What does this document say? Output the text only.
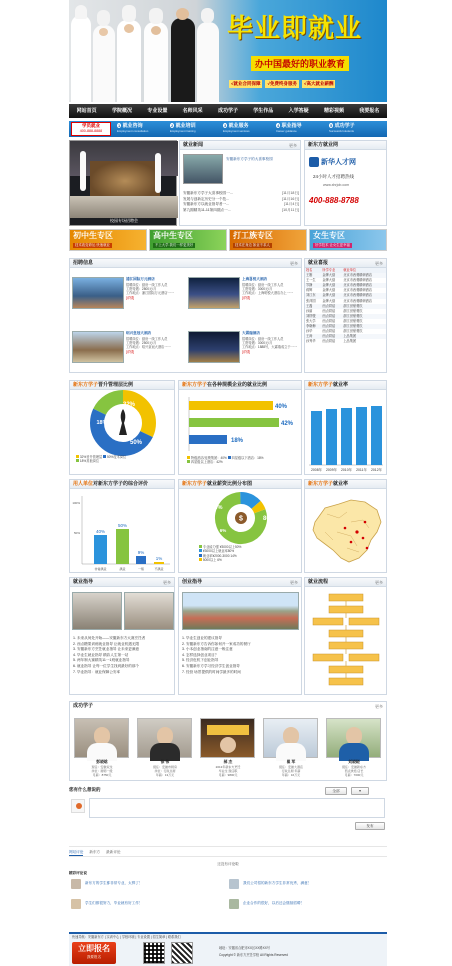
毕业即就业
办中国最好的职业教育
√就业合同保障	√免费终身服务	√高大就业薪酬
网站首页	学院概况	专业设置	名师风采	成功学子	学生作品	入学答疑	精彩视频	我要报名
学员就业
400-888-8888
1 就业咨询
Employment consultation
2 就业培训
Employment training
3 就业服务
Employment services
4 职业指导
Career guidance
5 成功学子
Successful students
校园专场招聘会
就业新闻	更多
安徽新东方学子的大喜事校园
[11月18日]
安徽新东方学子大喜事校园一...
[11月16日]
发展与创新定历史分一个技...
[11月4日]
安徽新东方以就业指导者一...
[10月11日]
第九期精英11-11第四期点一...
新东方就业网
新华人才网
24小时人才招聘热线
www.xhrjob.com
400-888-8788
初中生专区
技术改变命运 快速就业
高中生专区
不上大学 我们一样更美好
打工族专区
技术在身边 如业不求人
女生专区
好学技术 让女生更幸福
招聘信息	更多
浦江国际万元酒店
招聘岗位：厨房一线工作人员
工资待遇：2800元/月
工作地点：浦江国际万元酒店一一
[详情]
上海喜悦大酒店
招聘岗位：厨房一线工作人员
工资待遇：3000元/月
工作地点：上海明悦大酒店办上一一
[详情]
绍兴皇冠大酒店
招聘岗位：厨房一线工作人员
工资待遇：2500元/月
工作地点：绍兴皇冠大酒店一一
[详情]
大霖瑞酒店
招聘岗位：厨房一线工作人员
工资待遇：3000元/月
工作地点：1888号，大霖瑞成立于一一
[详情]
就业喜报	更多
姓名	所学专业	就业单位
王刚	金牌大厨	北京市西餐精研酒店
王一生	金牌大厨	北京市西餐精研酒店
岑静	金牌大厨	北京市西餐精研酒店
蒋辉	金牌大厨	北京市西餐精研酒店
刘江东	金牌大厨	北京市西餐精研酒店
张萍国	金牌大厨	北京市西餐精研酒店
王磊	西点烘焙	浙江世豪餐饮
孙丽	西点烘焙	浙江世豪餐饮
刘铁骏	西点烘焙	浙江世豪餐饮
张大学	西点烘焙	浙江世豪餐饮
李晓梅	西点烘焙	浙江世豪餐饮
孙华	西点烘焙	浙江世豪餐饮
王涛	西点烘焙	上品集团
孙秀华	西点烘焙	上品集团
新东方学子晋升管理层比例
32%
50%
18%
32%晋升管理层 50%技术岗位
18%其他岗位
新东方学子在各种规模企业的就业比例
40%
42%
18%
特级酒店/连锁集团：40% 四星级以下酒店：18%
四星级以上酒店：42%
新东方学子就业率
2008年 2009年 2010年 2011年 2012年
用人单位对新东方学子的综合评价
100%
50%	40%
50%
9%
1%
非常满意	满意	一般	不满意
新东方学子就业薪资比例分布图
$
14%
80%
6%
专业能力强 ¥3000以上50%
¥3000以上就业率80%
就业率¥2000-3000 14%
5000以上 6%
新东方学子就业率
就业指导	更多
1. 未来从何处开始——安徽新东方大赛烹饪者
2. 西点糖果训练就业指导 让就业机遇无限
3. 安徽新东方烹饪就业指导 让未来更满意
4. 毕业生就业指导 精彩人生第一站
5. 两年制大赛精英11一1班就业指导
6. 就业指导 让每一位学生找到最好的那个
7. 毕业指导：就业保障公安率
创业指导	更多
1. 毕业生创业的建议指导
2. 安徽新东方告诉你如何开一家成功的餐厅
3. 小本创业指南的注意一般注意
4. 怎样选择创业项目？
5. 经济危机下创业指导
6. 安徽新东方学习经济学生创业指导
7. 经营 场景提供的时间学最多的时间
就业流程	更多
成功学子	更多
彭晓晗
现任：安徽双龙
岗位：厨师一级
月薪：8750元
徐 伟
现任：安徽市厨房
岗位：行政总厨
年薪：13万元
郝 杰
2013年新东方烹饪
毕业生 现任职
月薪：9800元
崔 军
现任：安徽大酒店
行政总厨 年薪
年薪：16万元
刘晓晓
现任：安徽新东方
西点烘焙 店长
月薪：7000元
您有什么想说的	全部	▾
发布
网站评论 新东方 最新评论
还没有评论啦
精彩评论说
新东方的学生都非常专业，太棒了！	我们公司招的新东方学生非常优秀，满意！
学生们都很努力，毕业就有好工作！	企业合作的很好，以后还会继续招聘！
快速导航：安徽新东方 | 实训中心 | 学校环境 | 专业设置 | 招生简章 | 联系我们
立即报名
我要报名
地址：安徽省合肥市XX区XX路XX号
Copyright © 新东方烹饪学校 All Rights Reserved
